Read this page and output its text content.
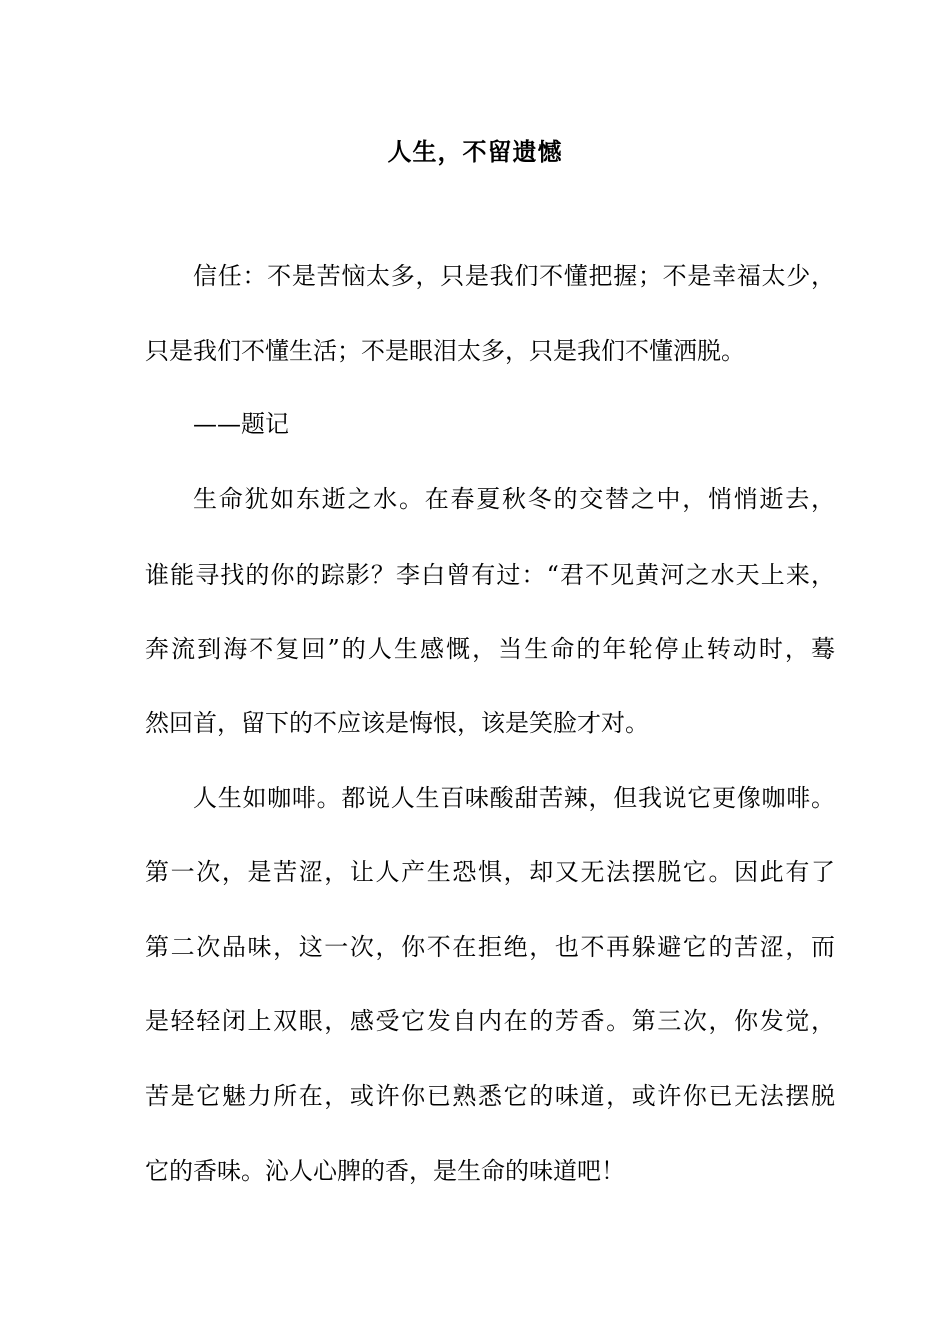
人生，不留遗憾
信任：不是苦恼太多，只是我们不懂把握；不是幸福太少，
只是我们不懂生活；不是眼泪太多，只是我们不懂洒脱。
——题记
生命犹如东逝之水。在春夏秋冬的交替之中，悄悄逝去，
谁能寻找的你的踪影？李白曾有过：“君不见黄河之水天上来，
奔流到海不复回”的人生感慨，当生命的年轮停止转动时，蓦
然回首，留下的不应该是悔恨，该是笑脸才对。
人生如咖啡。都说人生百味酸甜苦辣，但我说它更像咖啡。
第一次，是苦涩，让人产生恐惧，却又无法摆脱它。因此有了
第二次品味，这一次，你不在拒绝，也不再躲避它的苦涩，而
是轻轻闭上双眼，感受它发自内在的芳香。第三次，你发觉，
苦是它魅力所在，或许你已熟悉它的味道，或许你已无法摆脱
它的香味。沁人心脾的香，是生命的味道吧！
